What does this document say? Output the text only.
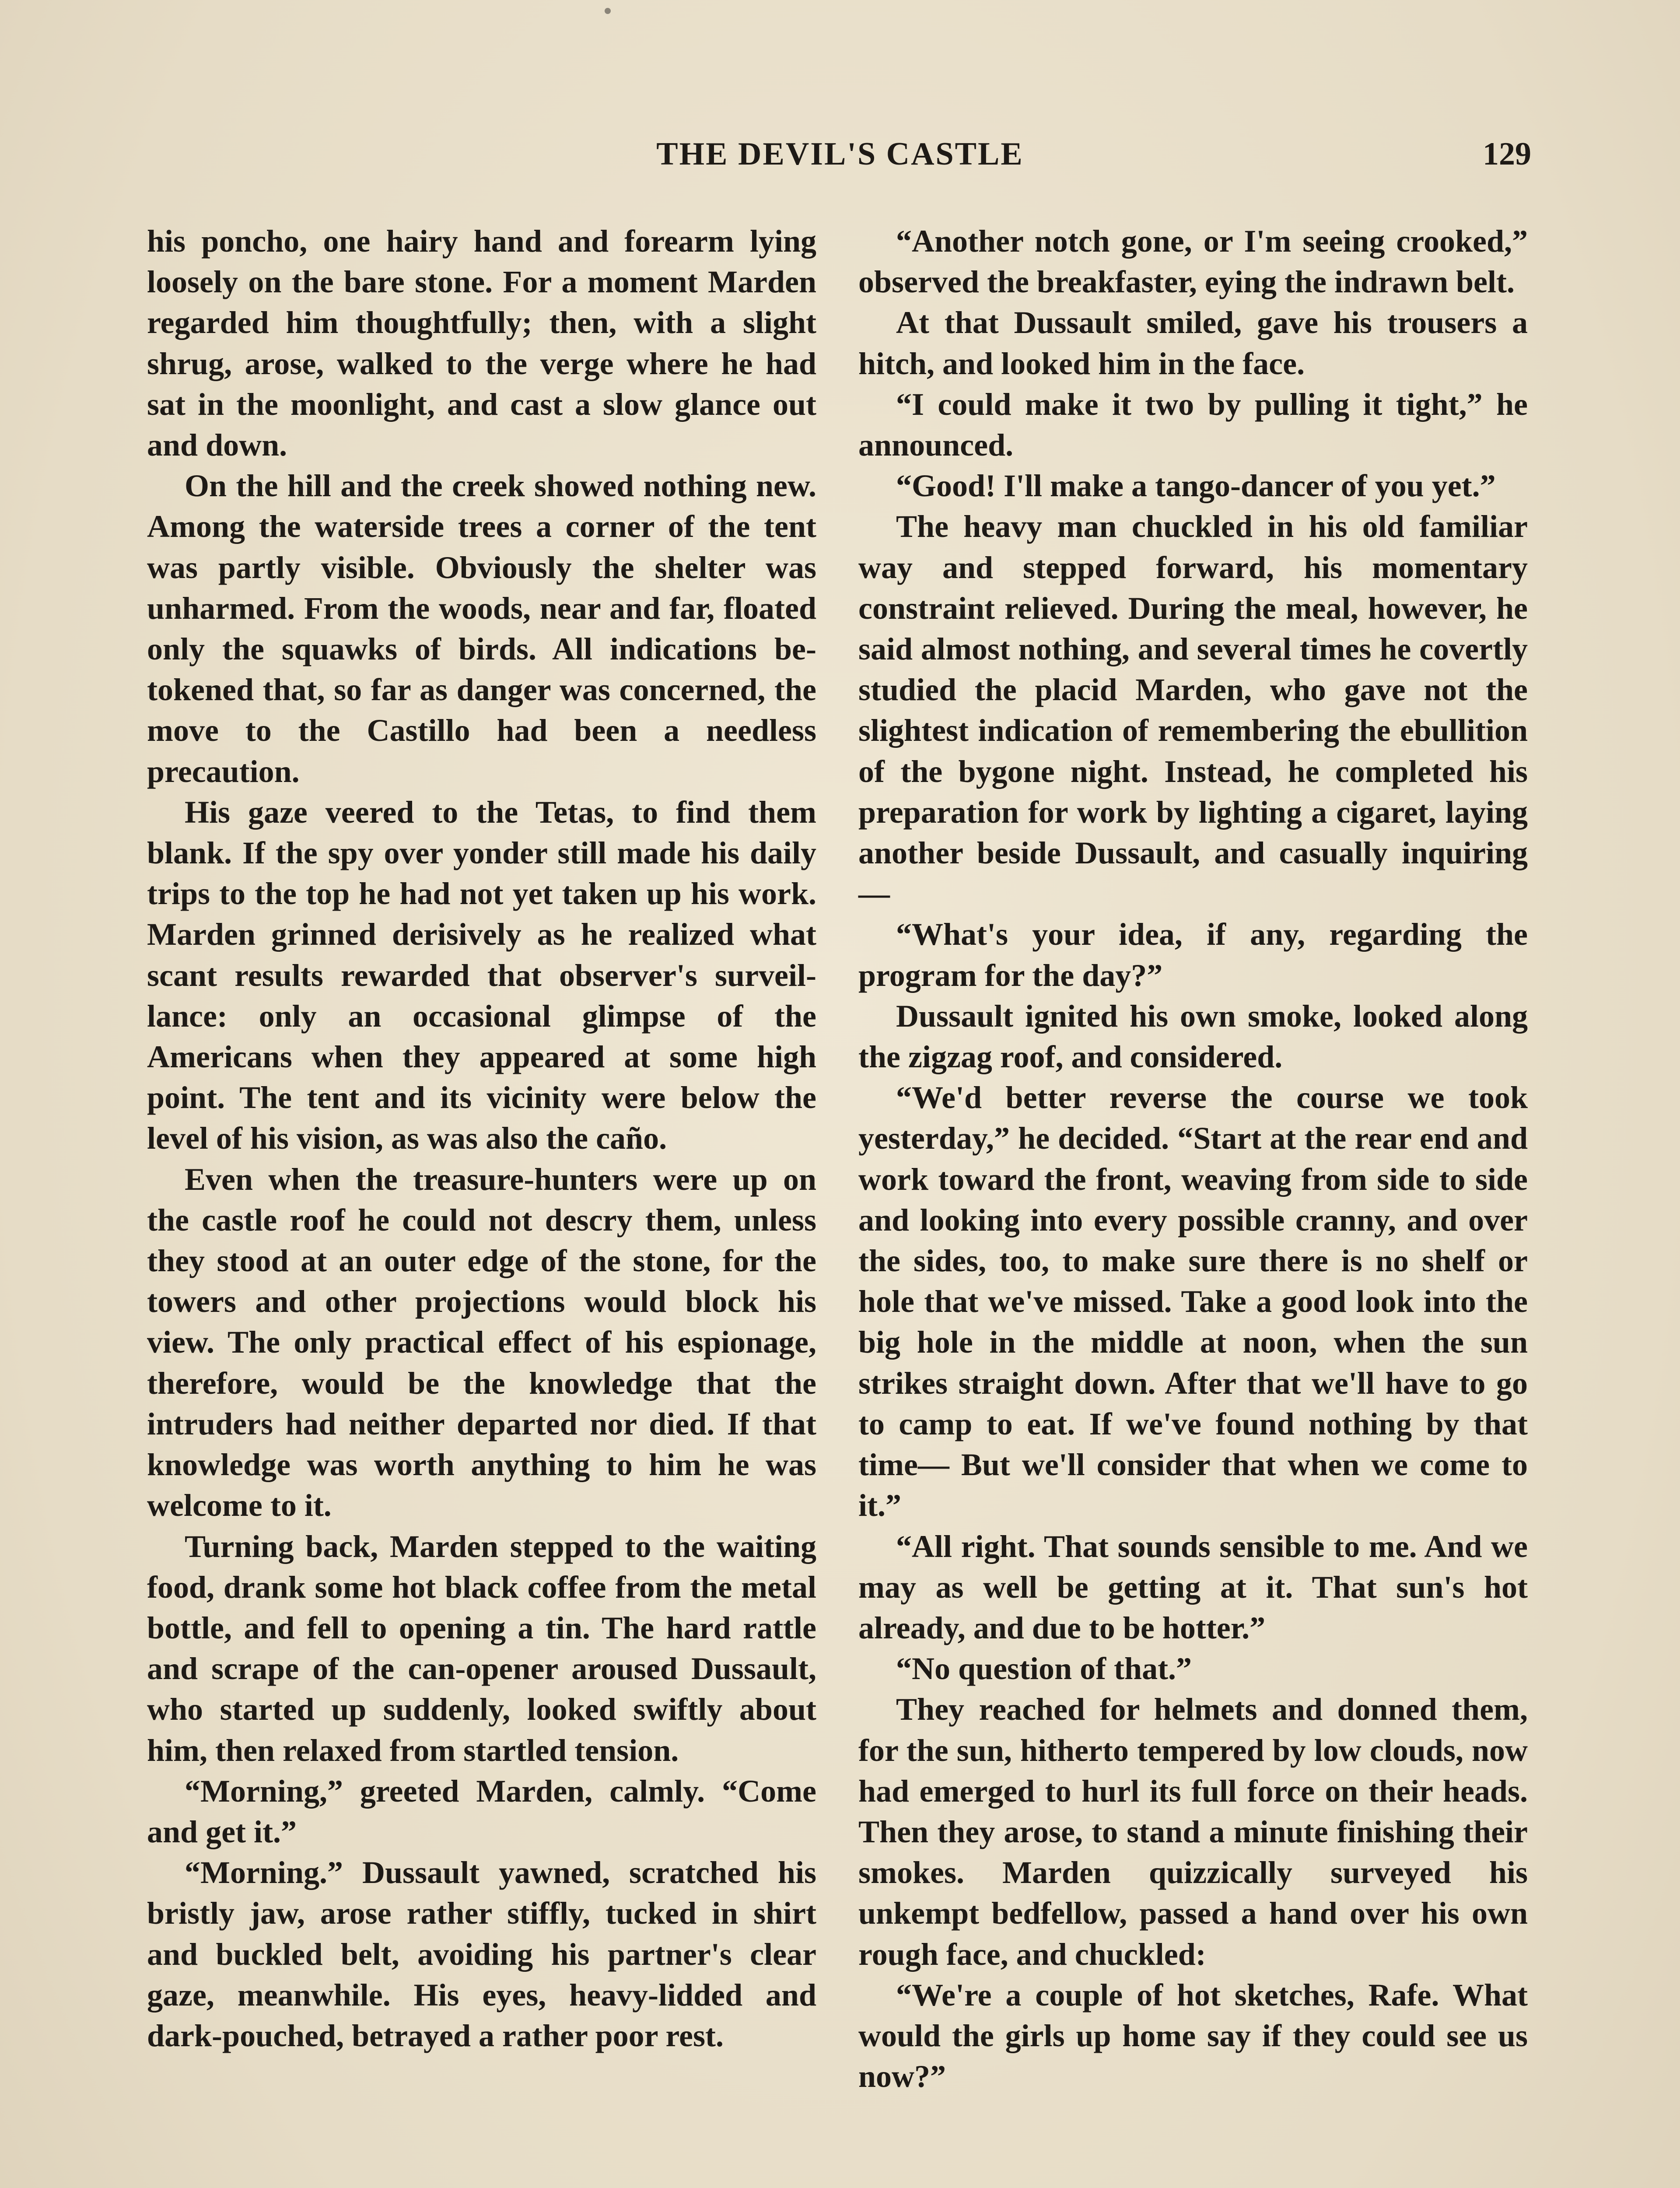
THE DEVIL'S CASTLE	129

his poncho, one hairy hand and forearm lying loosely on the bare stone. For a moment Marden regarded him thoughtfully; then, with a slight shrug, arose, walked to the verge where he had sat in the moonlight, and cast a slow glance out and down.

On the hill and the creek showed nothing new. Among the waterside trees a corner of the tent was partly visible. Obviously the shelter was unharmed. From the woods, near and far, floated only the squawks of birds. All indications betokened that, so far as danger was concerned, the move to the Castillo had been a needless precaution.

His gaze veered to the Tetas, to find them blank. If the spy over yonder still made his daily trips to the top he had not yet taken up his work. Marden grinned derisively as he realized what scant results rewarded that observer's surveillance: only an occasional glimpse of the Americans when they appeared at some high point. The tent and its vicinity were below the level of his vision, as was also the caño.

Even when the treasure-hunters were up on the castle roof he could not descry them, unless they stood at an outer edge of the stone, for the towers and other projections would block his view. The only practical effect of his espionage, therefore, would be the knowledge that the intruders had neither departed nor died. If that knowledge was worth anything to him he was welcome to it.

Turning back, Marden stepped to the waiting food, drank some hot black coffee from the metal bottle, and fell to opening a tin. The hard rattle and scrape of the can-opener aroused Dussault, who started up suddenly, looked swiftly about him, then relaxed from startled tension.

“Morning,” greeted Marden, calmly. “Come and get it.”

“Morning.” Dussault yawned, scratched his bristly jaw, arose rather stiffly, tucked in shirt and buckled belt, avoiding his partner's clear gaze, meanwhile. His eyes, heavy-lidded and dark-pouched, betrayed a rather poor rest.

“Another notch gone, or I'm seeing crooked,” observed the breakfaster, eying the indrawn belt.

At that Dussault smiled, gave his trousers a hitch, and looked him in the face.

“I could make it two by pulling it tight,” he announced.

“Good! I'll make a tango-dancer of you yet.”

The heavy man chuckled in his old familiar way and stepped forward, his momentary constraint relieved. During the meal, however, he said almost nothing, and several times he covertly studied the placid Marden, who gave not the slightest indication of remembering the ebullition of the bygone night. Instead, he completed his preparation for work by lighting a cigaret, laying another beside Dussault, and casually inquiring—

“What's your idea, if any, regarding the program for the day?”

Dussault ignited his own smoke, looked along the zigzag roof, and considered.

“We'd better reverse the course we took yesterday,” he decided. “Start at the rear end and work toward the front, weaving from side to side and looking into every possible cranny, and over the sides, too, to make sure there is no shelf or hole that we've missed. Take a good look into the big hole in the middle at noon, when the sun strikes straight down. After that we'll have to go to camp to eat. If we've found nothing by that time— But we'll consider that when we come to it.”

“All right. That sounds sensible to me. And we may as well be getting at it. That sun's hot already, and due to be hotter.”

“No question of that.”

They reached for helmets and donned them, for the sun, hitherto tempered by low clouds, now had emerged to hurl its full force on their heads. Then they arose, to stand a minute finishing their smokes. Marden quizzically surveyed his unkempt bedfellow, passed a hand over his own rough face, and chuckled:

“We're a couple of hot sketches, Rafe. What would the girls up home say if they could see us now?”
